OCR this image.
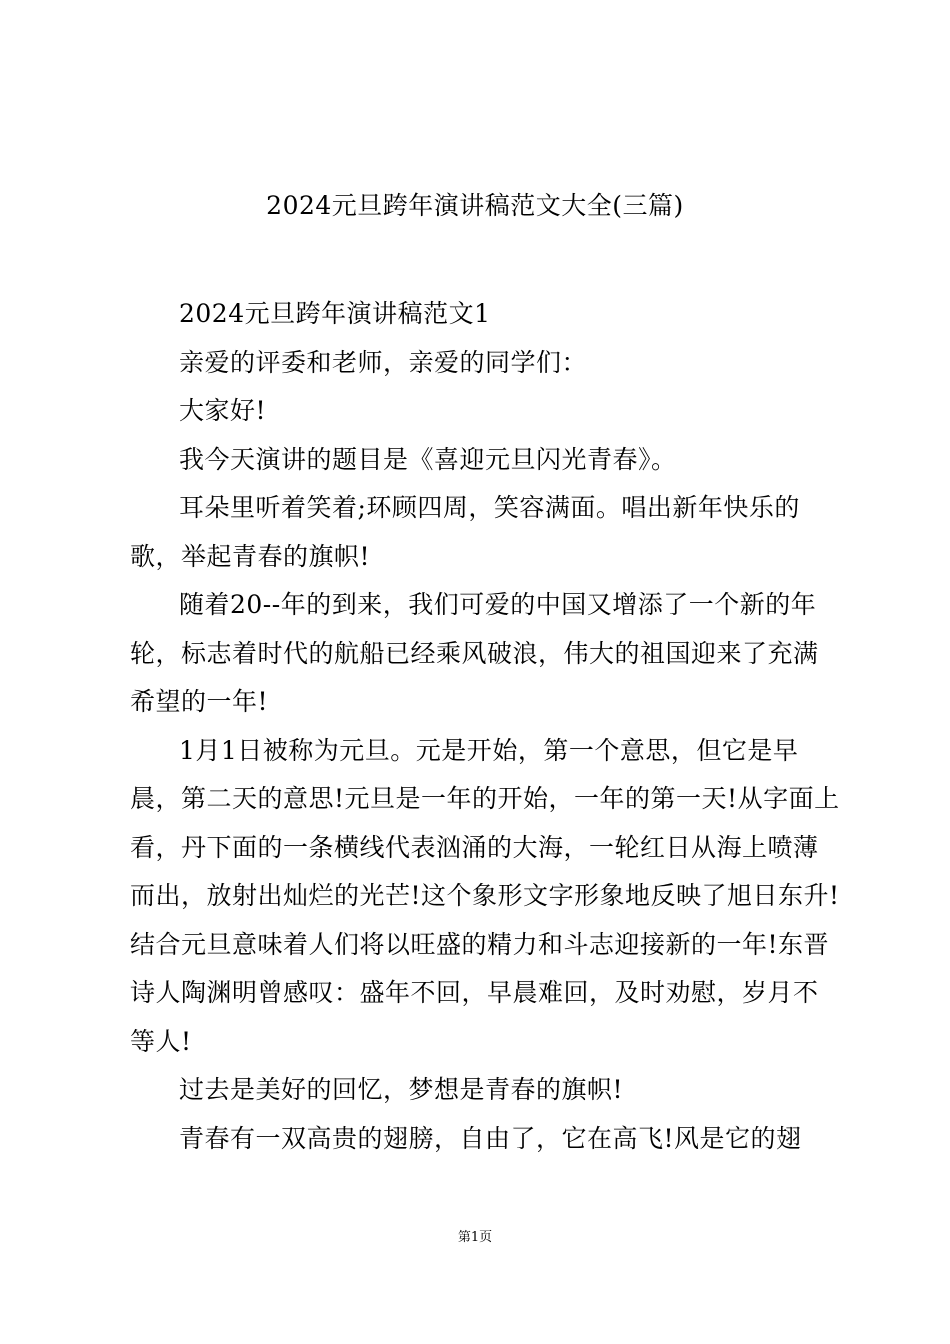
2024元旦跨年演讲稿范文大全(三篇)

2024元旦跨年演讲稿范文1

亲爱的评委和老师，亲爱的同学们：

大家好!

我今天演讲的题目是《喜迎元旦闪光青春》。

耳朵里听着笑着;环顾四周，笑容满面。唱出新年快乐的歌，举起青春的旗帜!

随着20--年的到来，我们可爱的中国又增添了一个新的年轮，标志着时代的航船已经乘风破浪，伟大的祖国迎来了充满希望的一年!

1月1日被称为元旦。元是开始，第一个意思，但它是早晨，第二天的意思!元旦是一年的开始，一年的第一天!从字面上看，丹下面的一条横线代表汹涌的大海，一轮红日从海上喷薄而出，放射出灿烂的光芒!这个象形文字形象地反映了旭日东升!结合元旦意味着人们将以旺盛的精力和斗志迎接新的一年!东晋诗人陶渊明曾感叹：盛年不回，早晨难回，及时劝慰，岁月不等人!

过去是美好的回忆，梦想是青春的旗帜!

青春有一双高贵的翅膀，自由了，它在高飞!风是它的翅

第1页
